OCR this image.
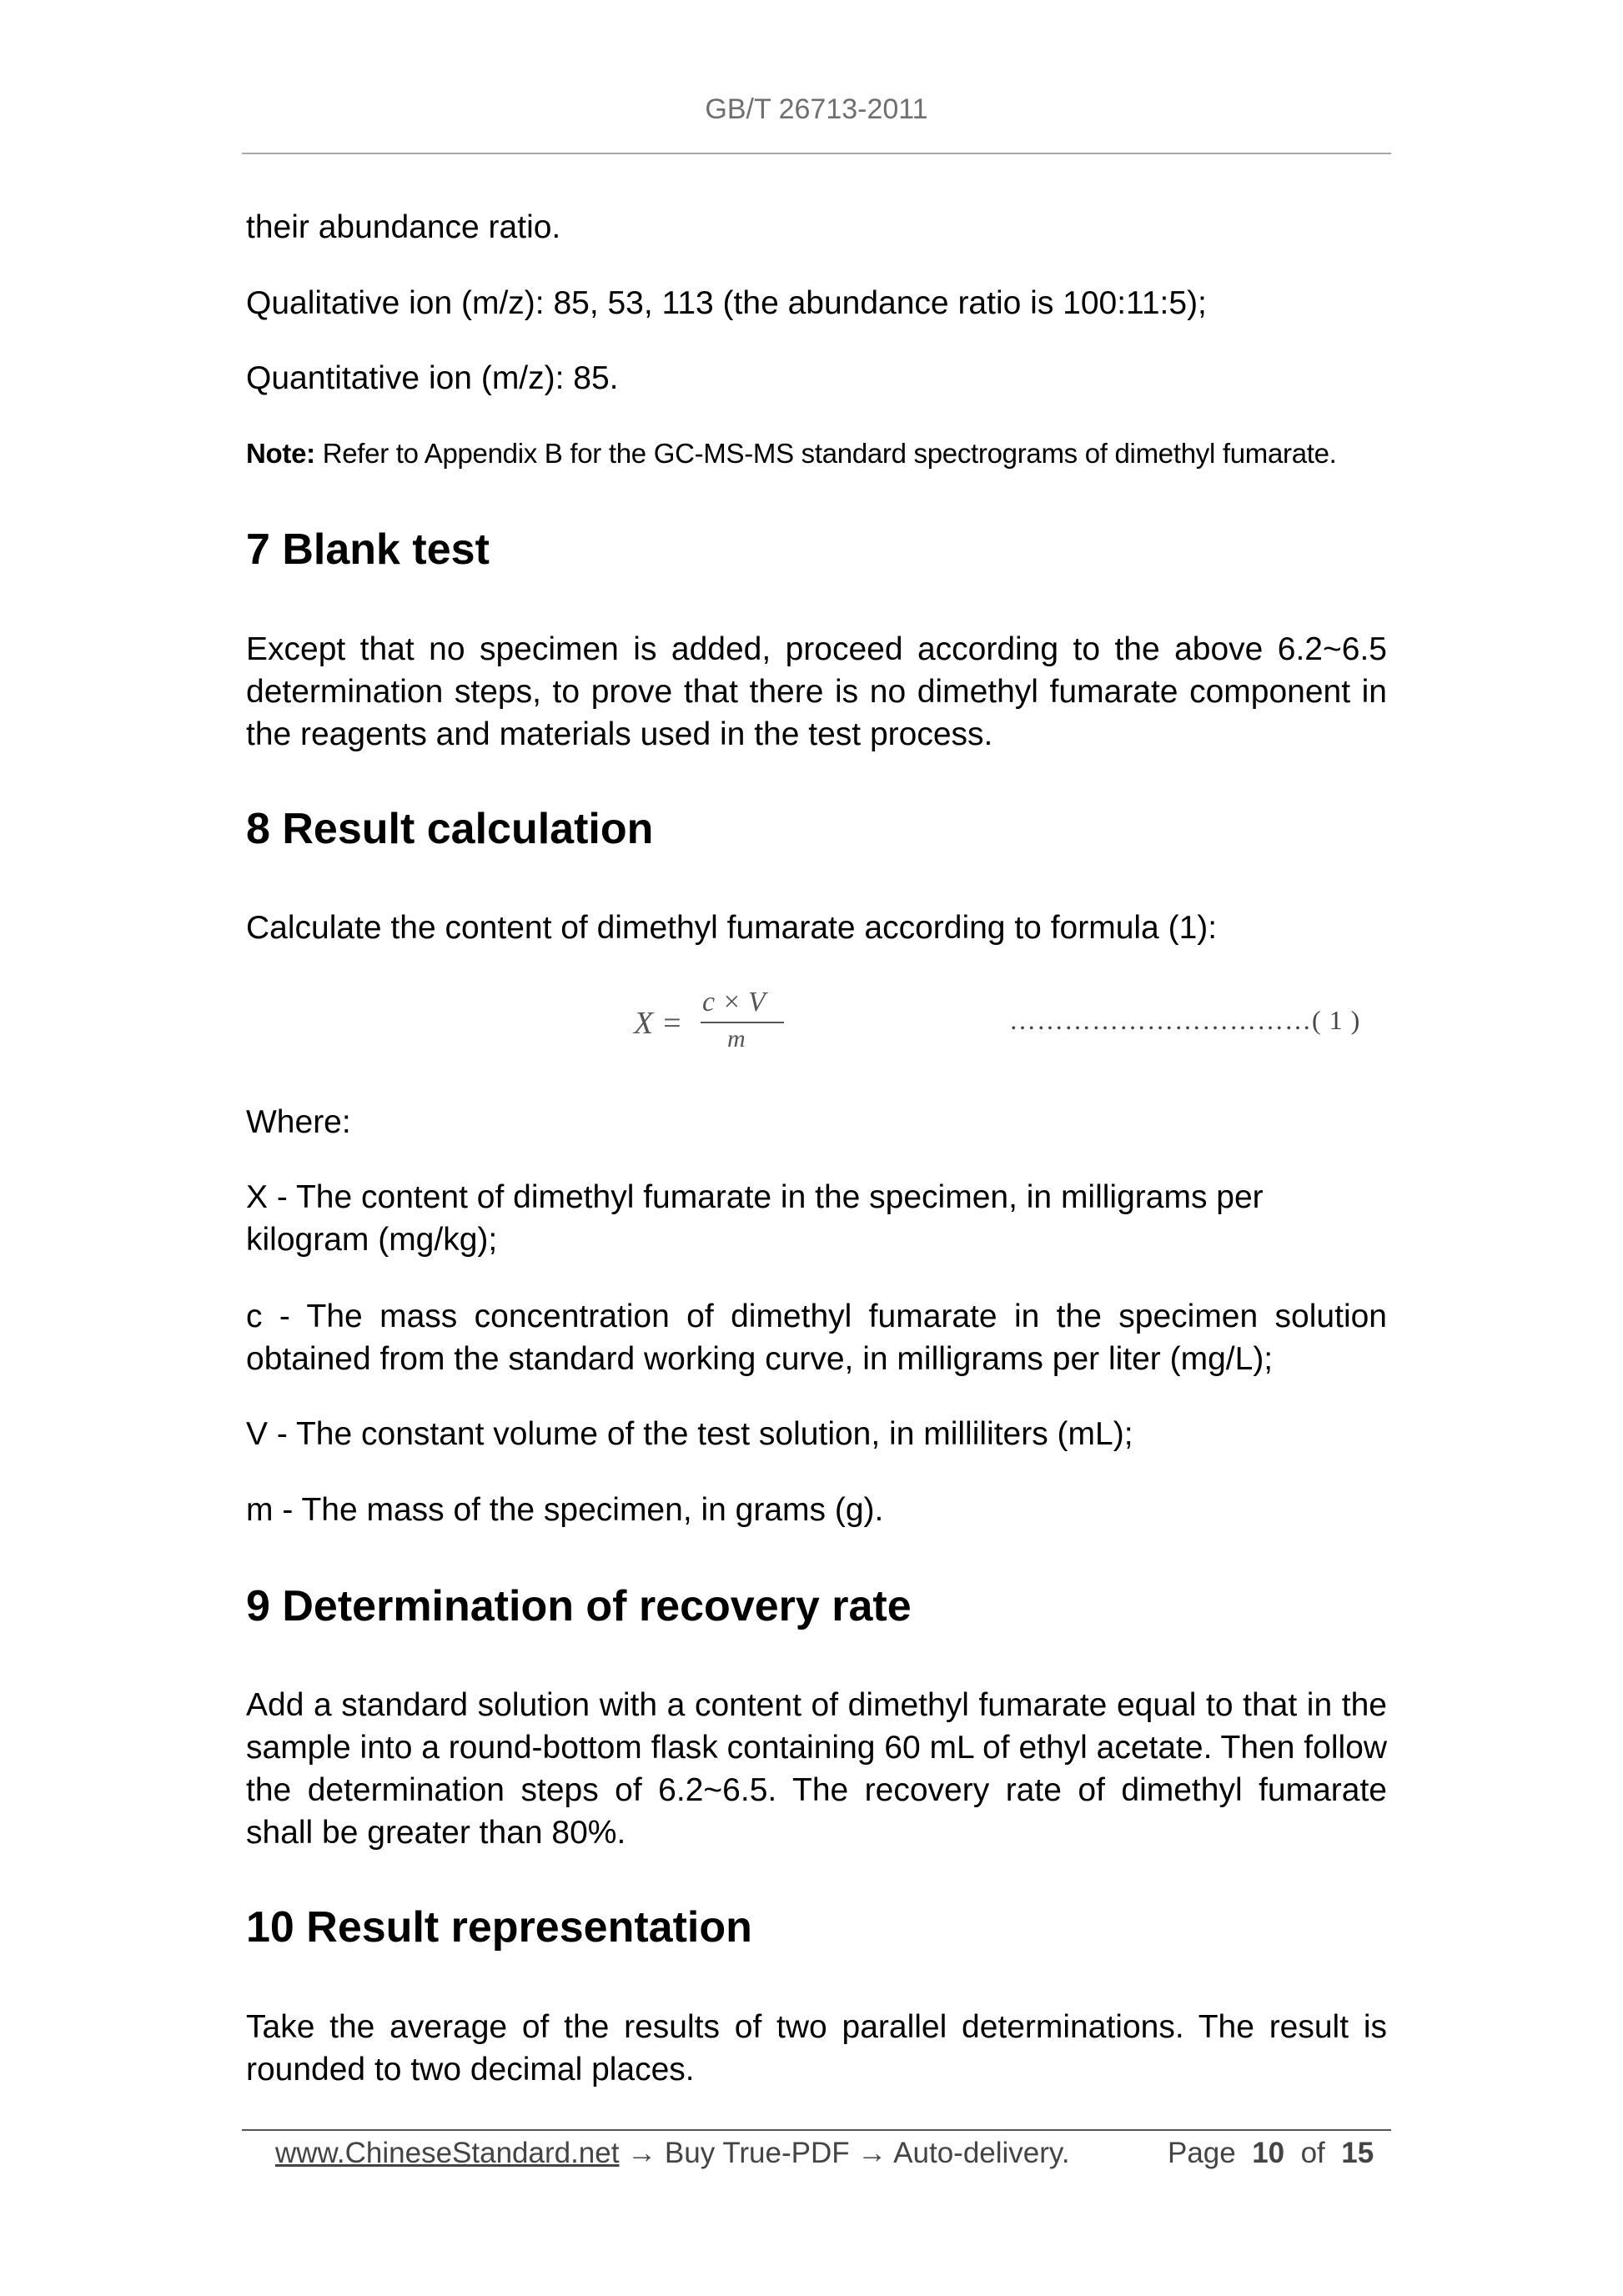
GB/T 26713-2011

their abundance ratio.

Qualitative ion (m/z): 85, 53, 113 (the abundance ratio is 100:11:5);

Quantitative ion (m/z): 85.

Note: Refer to Appendix B for the GC-MS-MS standard spectrograms of dimethyl fumarate.
7 Blank test

Except that no specimen is added, proceed according to the above 6.2~6.5 determination steps, to prove that there is no dimethyl fumarate component in the reagents and materials used in the test process.

8 Result calculation

Calculate the content of dimethyl fumarate according to formula (1):

Where:

X - The content of dimethyl fumarate in the specimen, in milligrams per kilogram (mg/kg);

c - The mass concentration of dimethyl fumarate in the specimen solution obtained from the standard working curve, in milligrams per liter (mg/L);

V - The constant volume of the test solution, in milliliters (mL);

m - The mass of the specimen, in grams (g).

9 Determination of recovery rate

Add a standard solution with a content of dimethyl fumarate equal to that in the sample into a round-bottom flask containing 60 mL of ethyl acetate. Then follow the determination steps of 6.2~6.5. The recovery rate of dimethyl fumarate shall be greater than 80%.

10 Result representation

Take the average of the results of two parallel determinations. The result is rounded to two decimal places.

X =
c × V
m
……………………………( 1 )
www.ChineseStandard.net → Buy True-PDF → Auto-delivery.	Page 10 of 15
